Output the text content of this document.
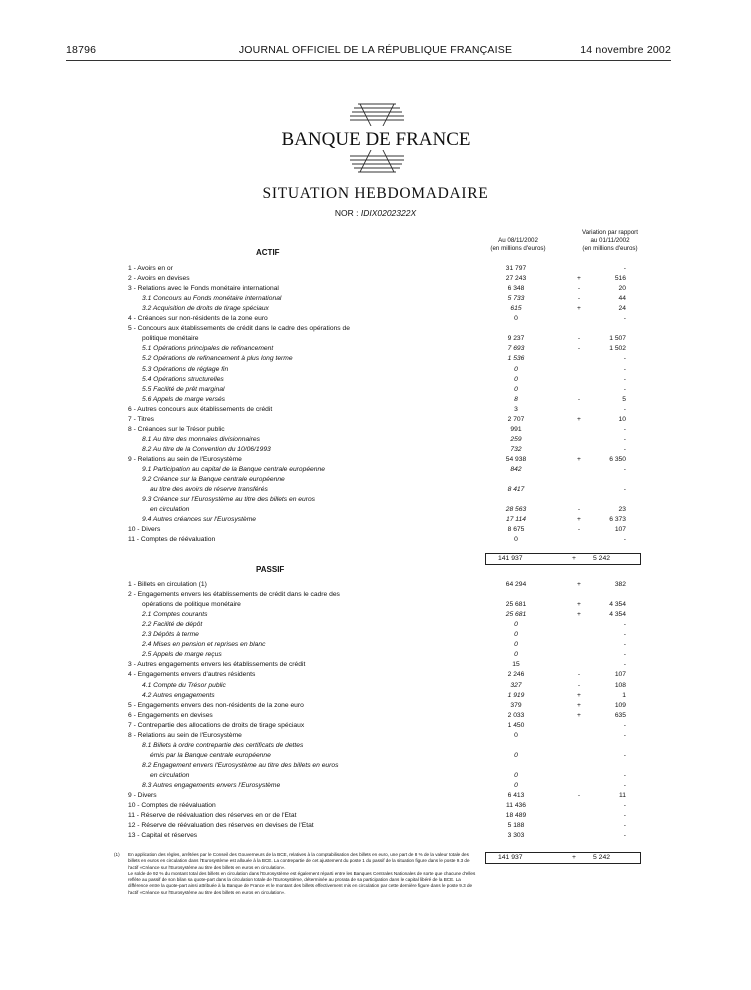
18796	JOURNAL OFFICIEL DE LA RÉPUBLIQUE FRANÇAISE	14 novembre 2002
BANQUE DE FRANCE
SITUATION HEBDOMADAIRE
NOR : IDIX0202322X
Variation par rapport
au 01/11/2002
(en millions d'euros)
Au 08/11/2002
(en millions d'euros)
ACTIF
1 - Avoirs en or	31 797	-
2 - Avoirs en devises	27 243	+	516
3 - Relations avec le Fonds monétaire international	6 348	-	20
3.1 Concours au Fonds monétaire international	5 733	-	44
3.2 Acquisition de droits de tirage spéciaux	615	+	24
4 - Créances sur non-résidents de la zone euro	0	-
5 - Concours aux établissements de crédit dans le cadre des opérations de
politique monétaire	9 237	-	1 507
5.1 Opérations principales de refinancement	7 693	-	1 502
5.2 Opérations de refinancement à plus long terme	1 536	-
5.3 Opérations de réglage fin	0	-
5.4 Opérations structurelles	0	-
5.5 Facilité de prêt marginal	0	-
5.6 Appels de marge versés	8	-	5
6 - Autres concours aux établissements de crédit	3	-
7 - Titres	2 707	+	10
8 - Créances sur le Trésor public	991	-
8.1 Au titre des monnaies divisionnaires	259	-
8.2 Au titre de la Convention du 10/06/1993	732	-
9 - Relations au sein de l'Eurosystème	54 938	+	6 350
9.1 Participation au capital de la Banque centrale européenne	842	-
9.2 Créance sur la Banque centrale européenne
au titre des avoirs de réserve transférés	8 417	-
9.3 Créance sur l'Eurosystème au titre des billets en euros
en circulation	28 563	-	23
9.4 Autres créances sur l'Eurosystème	17 114	+	6 373
10 - Divers	8 675	-	107
11 - Comptes de réévaluation	0	-
141 937	+	5 242
PASSIF
1 - Billets en circulation (1)	64 294	+	382
2 - Engagements envers les établissements de crédit dans le cadre des
opérations de politique monétaire	25 681	+	4 354
2.1 Comptes courants	25 681	+	4 354
2.2 Facilité de dépôt	0	-
2.3 Dépôts à terme	0	-
2.4 Mises en pension et reprises en blanc	0	-
2.5 Appels de marge reçus	0	-
3 - Autres engagements envers les établissements de crédit	15	-
4 - Engagements envers d'autres résidents	2 246	-	107
4.1 Compte du Trésor public	327	-	108
4.2 Autres engagements	1 919	+	1
5 - Engagements envers des non-résidents de la zone euro	379	+	109
6 - Engagements en devises	2 033	+	635
7 - Contrepartie des allocations de droits de tirage spéciaux	1 450	-
8 - Relations au sein de l'Eurosystème	0	-
8.1 Billets à ordre contrepartie des certificats de dettes
émis par la Banque centrale européenne	0	-
8.2 Engagement envers l'Eurosystème au titre des billets en euros
en circulation	0	-
8.3 Autres engagements envers l'Eurosystème	0	-
9 - Divers	6 413	-	11
10 - Comptes de réévaluation	11 436	-
11 - Réserve de réévaluation des réserves en or de l'Etat	18 489	-
12 - Réserve de réévaluation des réserves en devises de l'Etat	5 188	-
13 - Capital et réserves	3 303	-
141 937	+	5 242
(1) En application des règles, arrêtées par le Conseil des Gouverneurs de la BCE, relatives à la comptabilisation des billets en euro, une part de 8 % de la valeur totale des billets en euros en circulation dans l'Eurosystème est allouée à la BCE. La contrepartie de cet ajustement du poste 1 du passif de la situation figure dans le poste 9.3 de l'actif «Créance sur l'Eurosystème au titre des billets en euros en circulation».
Le solde de 92 % du montant total des billets en circulation dans l'Eurosystème est également réparti entre les Banques Centrales Nationales de sorte que chacune d'elles reflète au passif de son bilan sa quote-part dans la circulation totale de l'Eurosystème, déterminée au prorata de sa participation dans le capital libéré de la BCE. La différence entre la quote-part ainsi attribuée à la Banque de France et le montant des billets effectivement mis en circulation par cette dernière figure dans le poste 9.3 de l'actif «Créance sur l'Eurosystème au titre des billets en euros en circulation».
